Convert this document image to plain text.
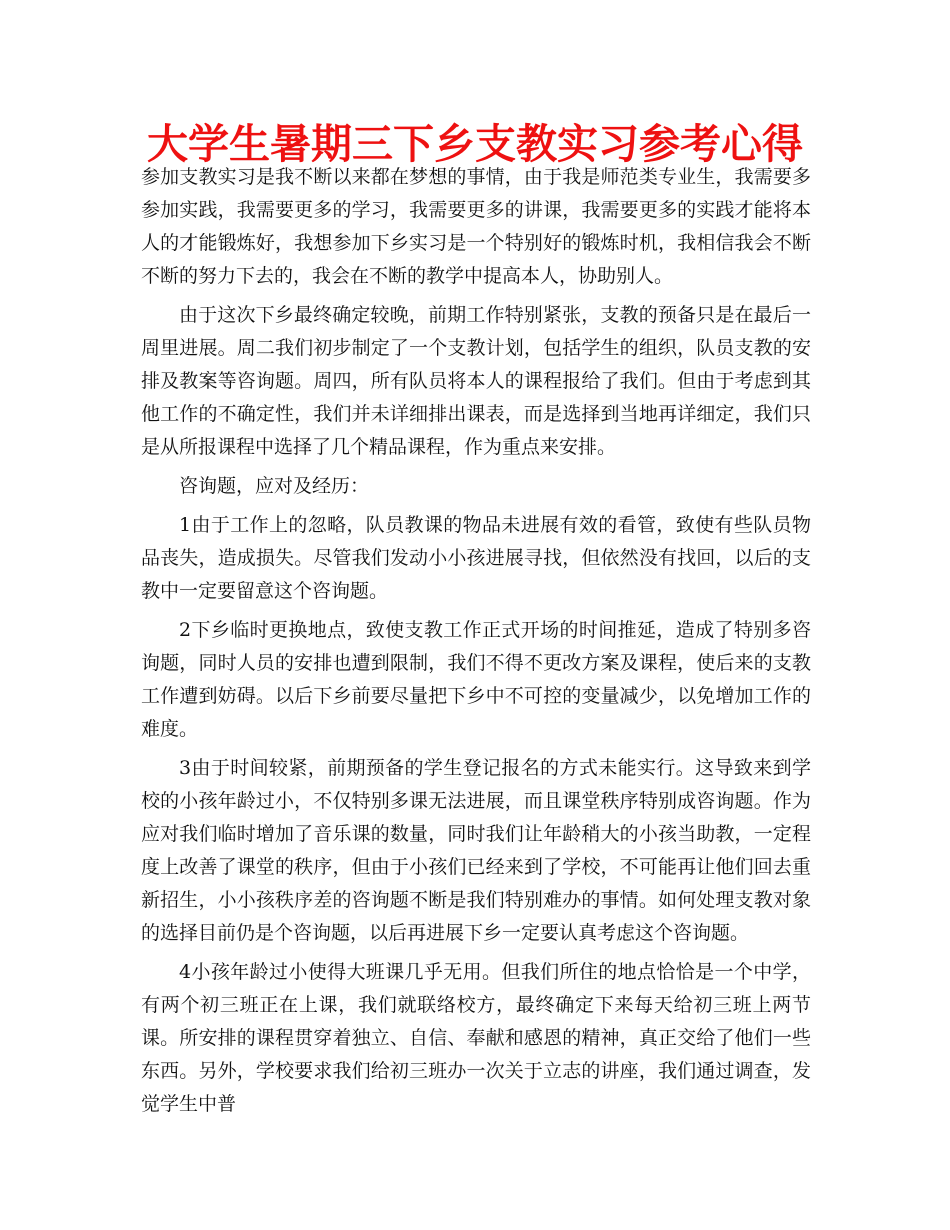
大学生暑期三下乡支教实习参考心得

参加支教实习是我不断以来都在梦想的事情，由于我是师范类专业生，我需要多参加实践，我需要更多的学习，我需要更多的讲课，我需要更多的实践才能将本人的才能锻炼好，我想参加下乡实习是一个特别好的锻炼时机，我相信我会不断不断的努力下去的，我会在不断的教学中提高本人，协助别人。

由于这次下乡最终确定较晚，前期工作特别紧张，支教的预备只是在最后一周里进展。周二我们初步制定了一个支教计划，包括学生的组织，队员支教的安排及教案等咨询题。周四，所有队员将本人的课程报给了我们。但由于考虑到其他工作的不确定性，我们并未详细排出课表，而是选择到当地再详细定，我们只是从所报课程中选择了几个精品课程，作为重点来安排。

咨询题，应对及经历：

1由于工作上的忽略，队员教课的物品未进展有效的看管，致使有些队员物品丧失，造成损失。尽管我们发动小小孩进展寻找，但依然没有找回，以后的支教中一定要留意这个咨询题。

2下乡临时更换地点，致使支教工作正式开场的时间推延，造成了特别多咨询题，同时人员的安排也遭到限制，我们不得不更改方案及课程，使后来的支教工作遭到妨碍。以后下乡前要尽量把下乡中不可控的变量减少，以免增加工作的难度。

3由于时间较紧，前期预备的学生登记报名的方式未能实行。这导致来到学校的小孩年龄过小，不仅特别多课无法进展，而且课堂秩序特别成咨询题。作为应对我们临时增加了音乐课的数量，同时我们让年龄稍大的小孩当助教，一定程度上改善了课堂的秩序，但由于小孩们已经来到了学校，不可能再让他们回去重新招生，小小孩秩序差的咨询题不断是我们特别难办的事情。如何处理支教对象的选择目前仍是个咨询题，以后再进展下乡一定要认真考虑这个咨询题。

4小孩年龄过小使得大班课几乎无用。但我们所住的地点恰恰是一个中学，有两个初三班正在上课，我们就联络校方，最终确定下来每天给初三班上两节课。所安排的课程贯穿着独立、自信、奉献和感恩的精神，真正交给了他们一些东西。另外，学校要求我们给初三班办一次关于立志的讲座，我们通过调查，发觉学生中普
